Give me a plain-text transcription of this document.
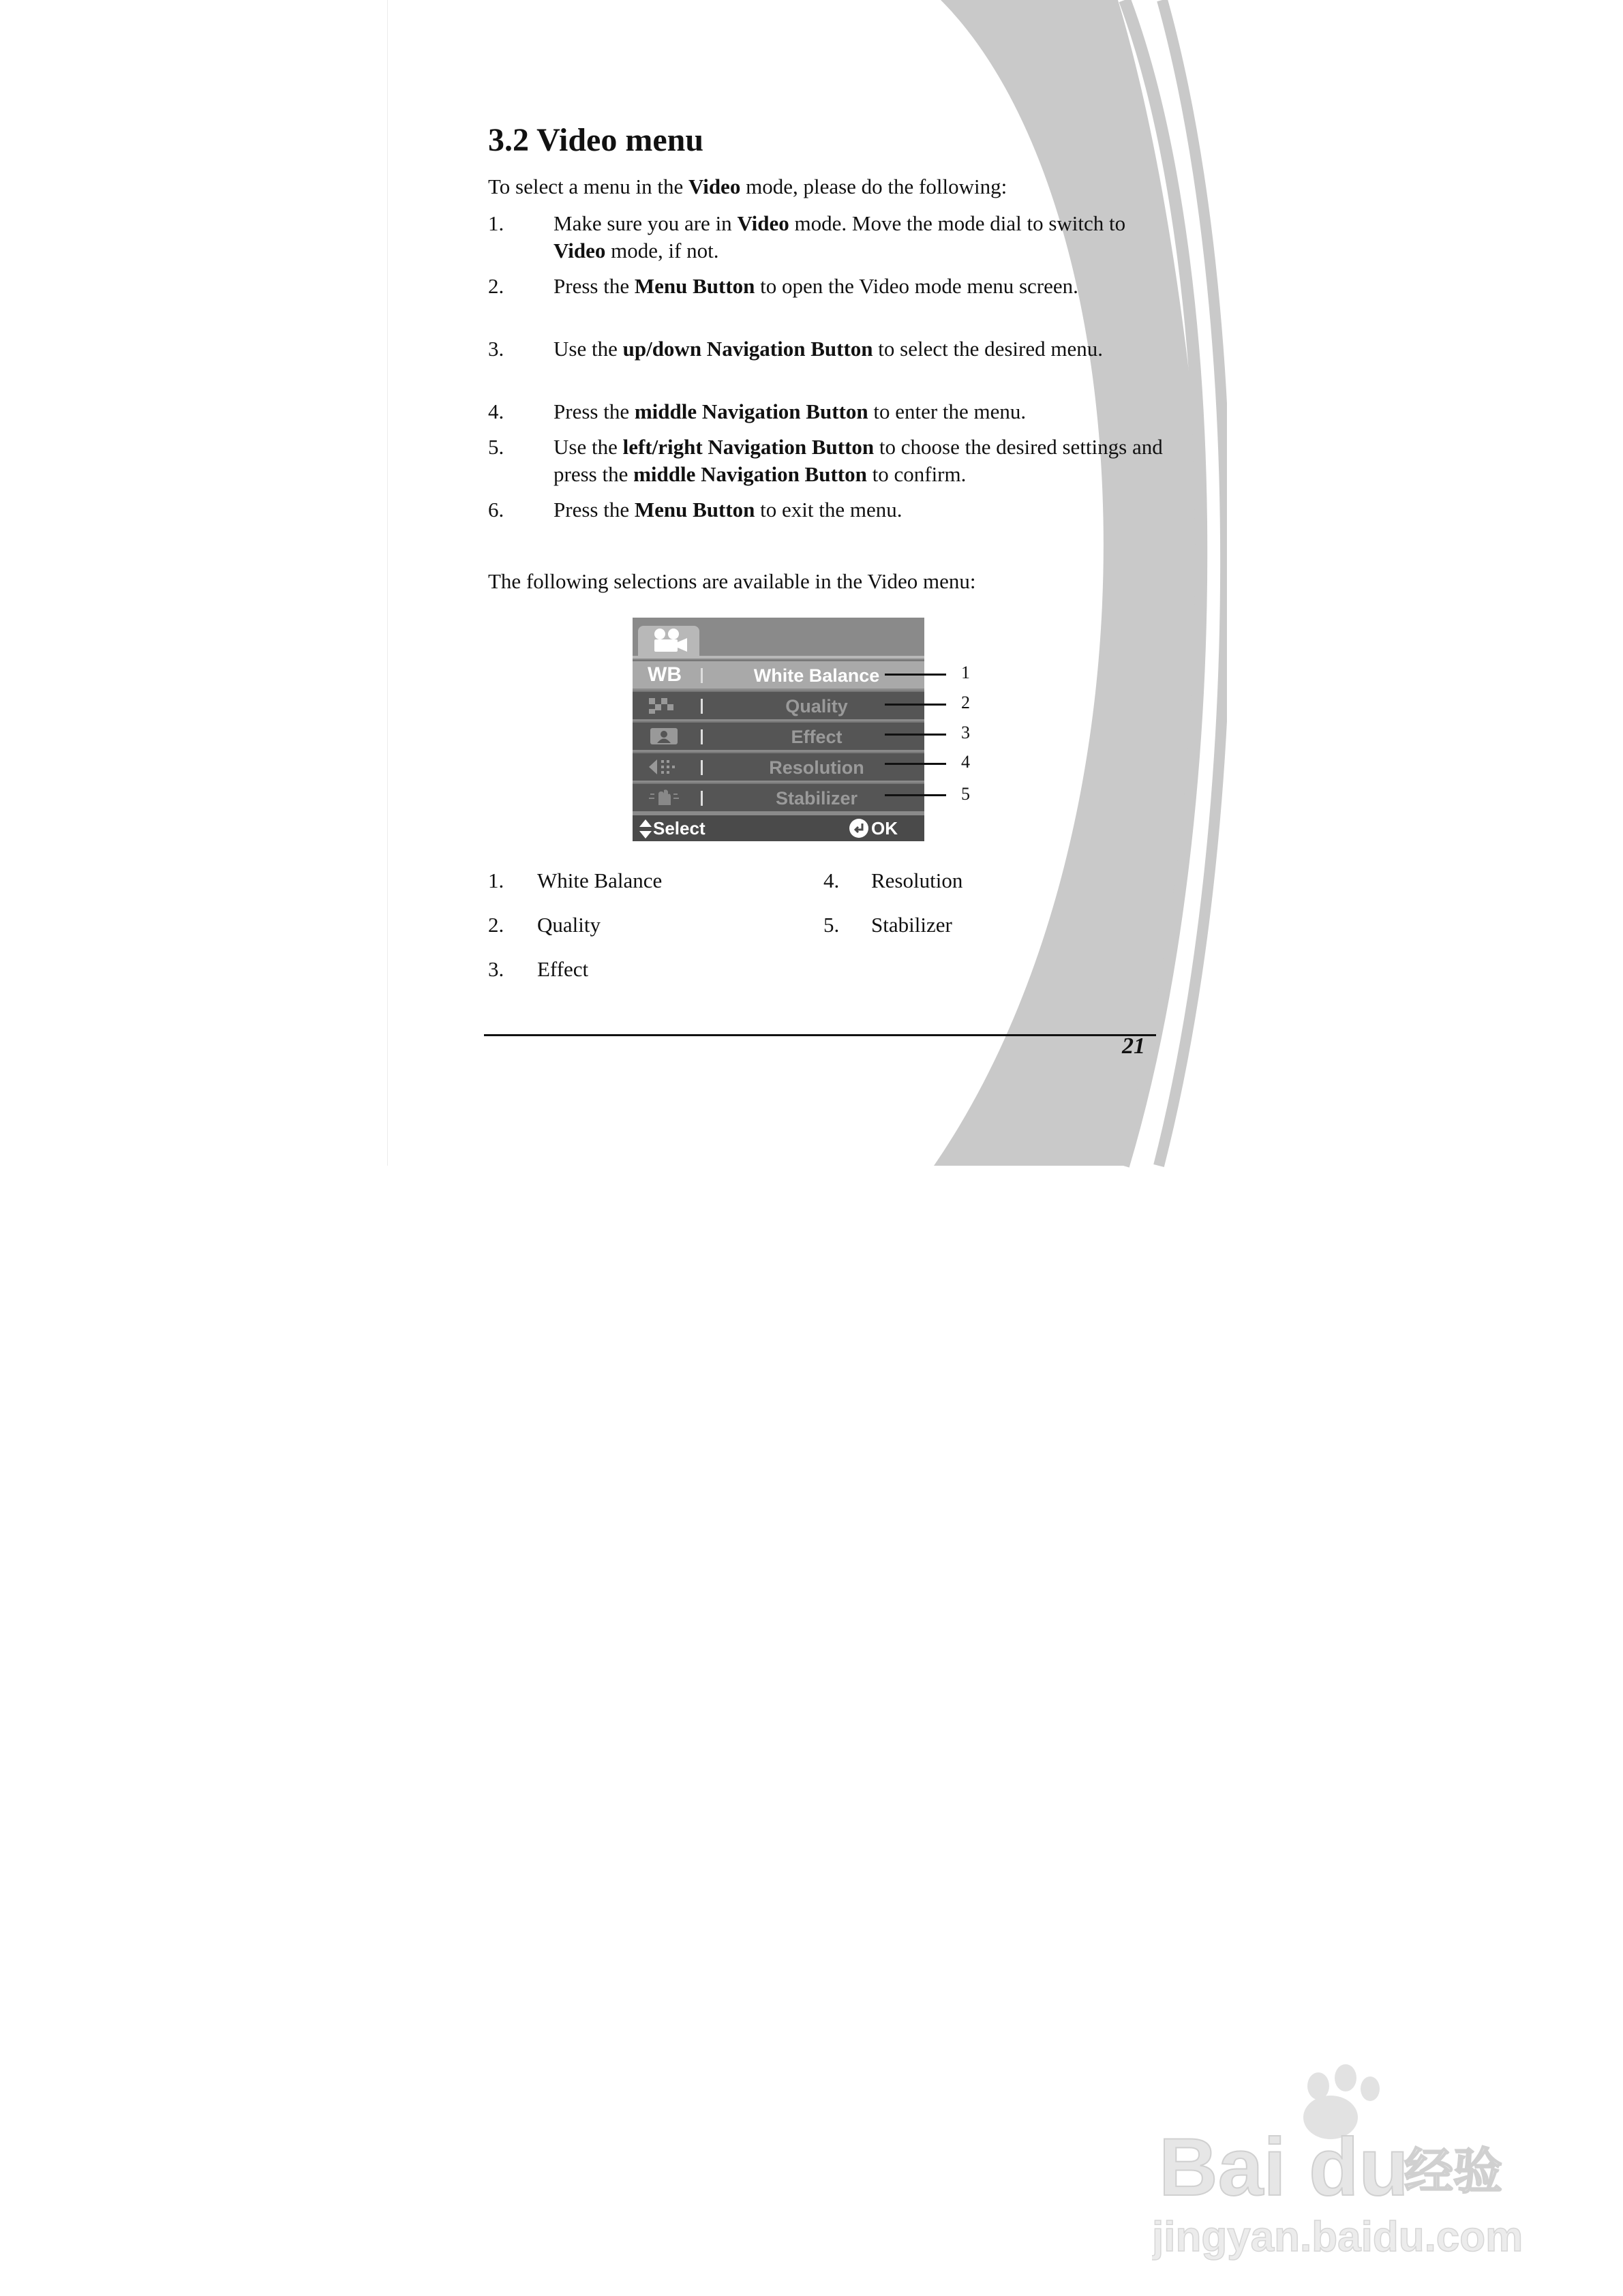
3.2 Video menu
To select a menu in the Video mode, please do the following:
1. Make sure you are in Video mode. Move the mode dial to switch to Video mode, if not.
2. Press the Menu Button to open the Video mode menu screen.
3. Use the up/down Navigation Button to select the desired menu.
4. Press the middle Navigation Button to enter the menu.
5. Use the left/right Navigation Button to choose the desired settings and press the middle Navigation Button to confirm.
6. Press the Menu Button to exit the menu.
The following selections are available in the Video menu:
WB	White Balance
Quality
Effect
Resolution
Stabilizer
Select	OK
1
2
3
4
5
1. White Balance
2. Quality
3. Effect
4. Resolution
5. Stabilizer
21
Bai du
经验
jingyan.baidu.com
